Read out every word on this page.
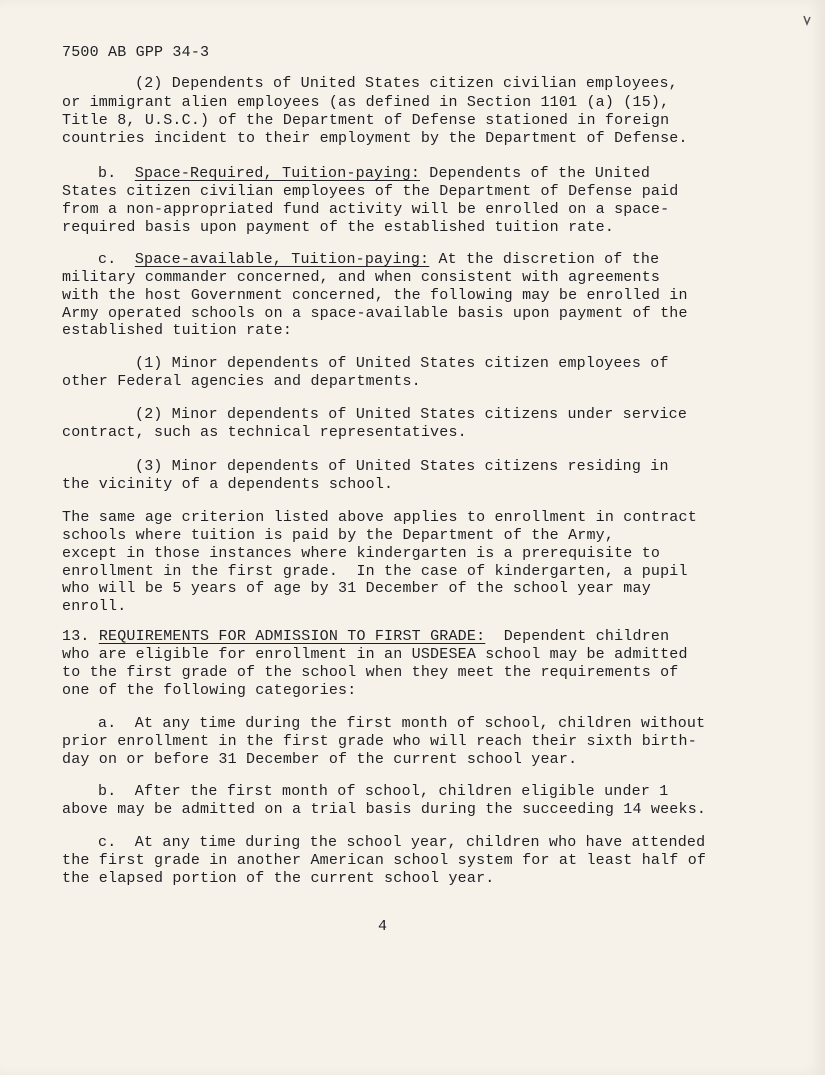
7500 AB GPP 34-3
(2) Dependents of United States citizen civilian employees,
or immigrant alien employees (as defined in Section 1101 (a) (15),
Title 8, U.S.C.) of the Department of Defense stationed in foreign
countries incident to their employment by the Department of Defense.
b. Space-Required, Tuition-paying: Dependents of the United
States citizen civilian employees of the Department of Defense paid
from a non-appropriated fund activity will be enrolled on a space-
required basis upon payment of the established tuition rate.
c. Space-available, Tuition-paying: At the discretion of the
military commander concerned, and when consistent with agreements
with the host Government concerned, the following may be enrolled in
Army operated schools on a space-available basis upon payment of the
established tuition rate:
(1) Minor dependents of United States citizen employees of
other Federal agencies and departments.
(2) Minor dependents of United States citizens under service
contract, such as technical representatives.
(3) Minor dependents of United States citizens residing in
the vicinity of a dependents school.
The same age criterion listed above applies to enrollment in contract
schools where tuition is paid by the Department of the Army,
except in those instances where kindergarten is a prerequisite to
enrollment in the first grade.  In the case of kindergarten, a pupil
who will be 5 years of age by 31 December of the school year may
enroll.
13. REQUIREMENTS FOR ADMISSION TO FIRST GRADE: Dependent children
who are eligible for enrollment in an USDESEA school may be admitted
to the first grade of the school when they meet the requirements of
one of the following categories:
a.  At any time during the first month of school, children without
prior enrollment in the first grade who will reach their sixth birth-
day on or before 31 December of the current school year.
b.  After the first month of school, children eligible under 1
above may be admitted on a trial basis during the succeeding 14 weeks.
c.  At any time during the school year, children who have attended
the first grade in another American school system for at least half of
the elapsed portion of the current school year.
4
